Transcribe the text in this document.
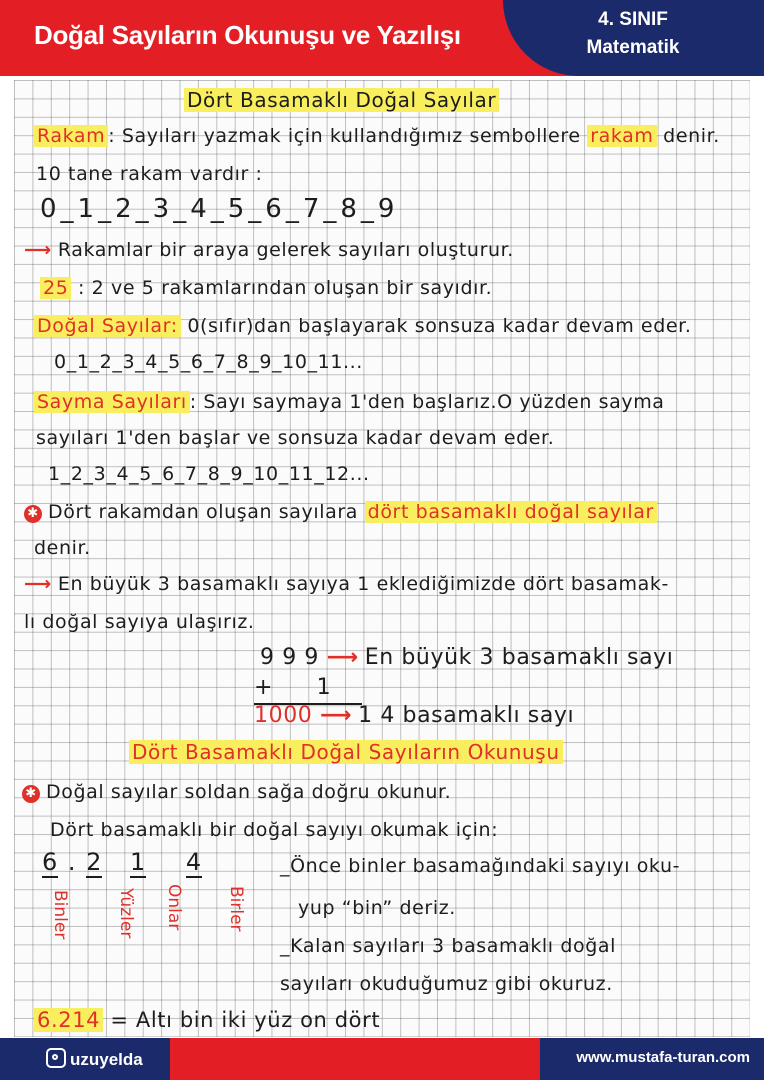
Doğal Sayıların Okunuşu ve Yazılışı
4. SINIF
Matematik
Dört Basamaklı Doğal Sayılar
Rakam : Sayıları yazmak için kullandığımız sembollere rakam denir.
10 tane rakam vardır :
0_1_2_3_4_5_6_7_8_9
⟶ Rakamlar bir araya gelerek sayıları oluşturur.
25 : 2 ve 5 rakamlarından oluşan bir sayıdır.
Doğal Sayılar: 0(sıfır)dan başlayarak sonsuza kadar devam eder.
0_1_2_3_4_5_6_7_8_9_10_11...
Sayma Sayıları : Sayı saymaya 1'den başlarız.O yüzden sayma
sayıları 1'den başlar ve sonsuza kadar devam eder.
1_2_3_4_5_6_7_8_9_10_11_12...
✱ Dört rakamdan oluşan sayılara dört basamaklı doğal sayılar
denir.
⟶ En büyük 3 basamaklı sayıya 1 eklediğimizde dört basamak-
lı doğal sayıya ulaşırız.
9 9 9 ⟶ En büyük 3 basamaklı sayı
+ 1
1000 ⟶ 1 4 basamaklı sayı
Dört Basamaklı Doğal Sayıların Okunuşu
✱ Doğal sayılar soldan sağa doğru okunur.
Dört basamaklı bir doğal sayıyı okumak için:
6 . 2 1 4
Binler	Yüzler Onlar Birler
_Önce binler basamağındaki sayıyı oku-
yup “bin” deriz.
_Kalan sayıları 3 basamaklı doğal
sayıları okuduğumuz gibi okuruz.
6.214 = Altı bin iki yüz on dört
uzuyelda	www.mustafa-turan.com
